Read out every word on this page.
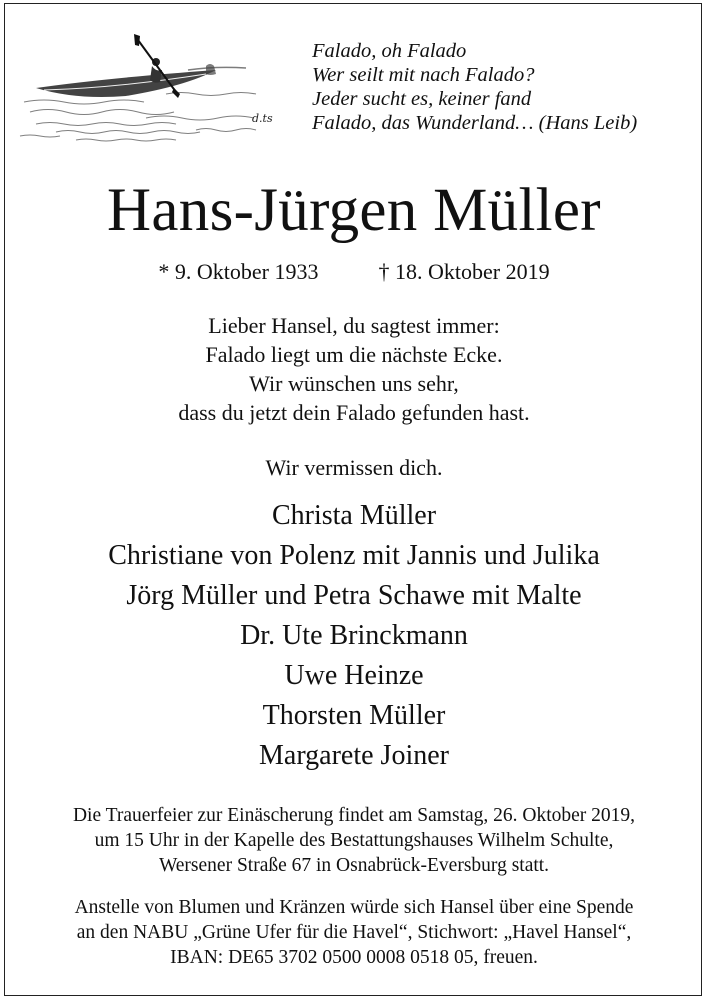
d.ts
Falado, oh Falado
Wer seilt mit nach Falado?
Jeder sucht es, keiner fand
Falado, das Wunderland… (Hans Leib)
Hans-Jürgen Müller
* 9. Oktober 1933	† 18. Oktober 2019
Lieber Hansel, du sagtest immer:
Falado liegt um die nächste Ecke.
Wir wünschen uns sehr,
dass du jetzt dein Falado gefunden hast.
Wir vermissen dich.
Christa Müller
Christiane von Polenz mit Jannis und Julika
Jörg Müller und Petra Schawe mit Malte
Dr. Ute Brinckmann
Uwe Heinze
Thorsten Müller
Margarete Joiner
Die Trauerfeier zur Einäscherung findet am Samstag, 26. Oktober 2019,
um 15 Uhr in der Kapelle des Bestattungshauses Wilhelm Schulte,
Wersener Straße 67 in Osnabrück-Eversburg statt.
Anstelle von Blumen und Kränzen würde sich Hansel über eine Spende
an den NABU „Grüne Ufer für die Havel“, Stichwort: „Havel Hansel“,
IBAN: DE65 3702 0500 0008 0518 05, freuen.
